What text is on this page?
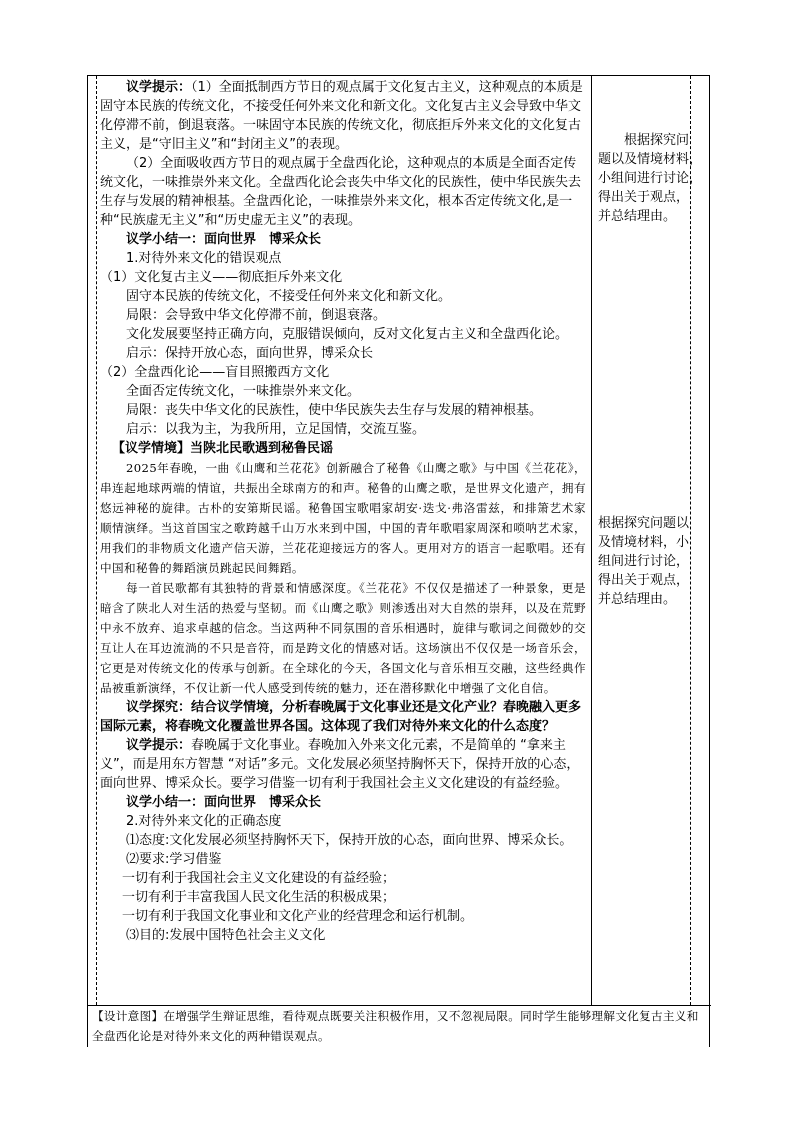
议学提示：（1）全面抵制西方节日的观点属于文化复古主义，这种观点的本质是固守本民族的传统文化，不接受任何外来文化和新文化。文化复古主义会导致中华文化停滞不前，倒退衰落。一味固守本民族的传统文化，彻底拒斥外来文化的文化复古主义，是“守旧主义”和“封闭主义”的表现。

（2）全面吸收西方节日的观点属于全盘西化论，这种观点的本质是全面否定传统文化，一味推崇外来文化。全盘西化论会丧失中华文化的民族性，使中华民族失去生存与发展的精神根基。全盘西化论，一味推崇外来文化，根本否定传统文化,是一种“民族虚无主义”和“历史虚无主义”的表现。

议学小结一：面向世界　博采众长

1.对待外来文化的错误观点

（1）文化复古主义——彻底拒斥外来文化

固守本民族的传统文化，不接受任何外来文化和新文化。

局限：会导致中华文化停滞不前，倒退衰落。

文化发展要坚持正确方向，克服错误倾向，反对文化复古主义和全盘西化论。

启示：保持开放心态，面向世界，博采众长

（2）全盘西化论——盲目照搬西方文化

全面否定传统文化，一味推崇外来文化。

局限：丧失中华文化的民族性，使中华民族失去生存与发展的精神根基。

启示：以我为主，为我所用，立足国情，交流互鉴。

【议学情境】当陕北民歌遇到秘鲁民谣

2025年春晚，一曲《山鹰和兰花花》创新融合了秘鲁《山鹰之歌》与中国《兰花花》，串连起地球两端的情谊，共振出全球南方的和声。秘鲁的山鹰之歌，是世界文化遗产，拥有悠远神秘的旋律。古朴的安第斯民谣。秘鲁国宝歌唱家胡安·迭戈·弗洛雷兹，和排箫艺术家顺情演绎。当这首国宝之歌跨越千山万水来到中国，中国的青年歌唱家周深和唢呐艺术家，用我们的非物质文化遗产信天游，兰花花迎接远方的客人。更用对方的语言一起歌唱。还有中国和秘鲁的舞蹈演员跳起民间舞蹈。

每一首民歌都有其独特的背景和情感深度。《兰花花》不仅仅是描述了一种景象，更是暗含了陕北人对生活的热爱与坚韧。而《山鹰之歌》则渗透出对大自然的崇拜，以及在荒野中永不放弃、追求卓越的信念。当这两种不同氛围的音乐相遇时，旋律与歌词之间微妙的交互让人在耳边流淌的不只是音符，而是跨文化的情感对话。这场演出不仅仅是一场音乐会，它更是对传统文化的传承与创新。在全球化的今天，各国文化与音乐相互交融，这些经典作品被重新演绎，不仅让新一代人感受到传统的魅力，还在潜移默化中增强了文化自信。

议学探究：结合议学情境，分析春晚属于文化事业还是文化产业？春晚融入更多国际元素，将春晚文化覆盖世界各国。这体现了我们对待外来文化的什么态度？

议学提示：春晚属于文化事业。春晚加入外来文化元素，不是简单的 “拿来主义”，而是用东方智慧 “对话”多元。文化发展必须坚持胸怀天下，保持开放的心态，面向世界、博采众长。要学习借鉴一切有利于我国社会主义文化建设的有益经验。

议学小结一：面向世界　博采众长

2.对待外来文化的正确态度

⑴态度:文化发展必须坚持胸怀天下，保持开放的心态，面向世界、博采众长。

⑵要求:学习借鉴

一切有利于我国社会主义文化建设的有益经验；

一切有利于丰富我国人民文化生活的积极成果；

一切有利于我国文化事业和文化产业的经营理念和运行机制。

⑶目的:发展中国特色社会主义文化

根据探究问
题以及情境材料，
小组间进行讨论，
得出关于观点，
并总结理由。
根据探究问题以
及情境材料，小
组间进行讨论，
得出关于观点，
并总结理由。
【设计意图】在增强学生辩证思维，看待观点既要关注积极作用，又不忽视局限。同时学生能够理解文化复古主义和全盘西化论是对待外来文化的两种错误观点。
